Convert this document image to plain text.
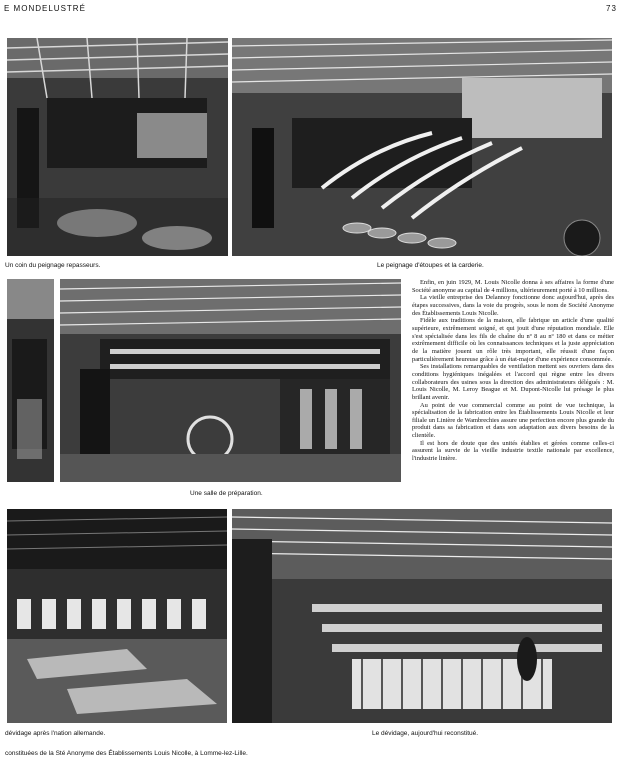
E MONDELUSTRÉ	73
Un coin du peignage repasseurs.	Le peignage d'étoupes et la carderie.
Une salle de préparation.

Enfin, en juin 1929, M. Louis Nicolle donna à ses affaires la forme d'une Société anonyme au capital de 4 millions, ultérieurement porté à 10 millions.

La vieille entreprise des Delannoy fonctionne donc aujourd'hui, après des étapes successives, dans la voie du progrès, sous le nom de Société Anonyme des Établissements Louis Nicolle.

Fidèle aux traditions de la maison, elle fabrique un article d'une qualité supérieure, extrêmement soigné, et qui jouit d'une réputation mondiale. Elle s'est spécialisée dans les fils de chaîne du nº 8 au nº 180 et dans ce métier extrêmement difficile où les connaissances techniques et la juste appréciation de la matière jouent un rôle très important, elle réussit d'une façon particulièrement heureuse grâce à un état-major d'une expérience consommée.

Ses installations remarquables de ventilation mettent ses ouvriers dans des conditions hygiéniques inégalées et l'accord qui règne entre les divers collaborateurs des usines sous la direction des administrateurs délégués : M. Louis Nicolle, M. Leroy Beague et M. Dupont-Nicolle lui présage le plus brillant avenir.

Au point de vue commercial comme au point de vue technique, la spécialisation de la fabrication entre les Établissements Louis Nicolle et leur filiale un Linière de Wambrechies assure une perfection encore plus grande du produit dans sa fabrication et dans son adaptation aux divers besoins de la clientèle.

Il est hors de doute que des unités établies et gérées comme celles-ci assurent la survie de la vieille industrie textile nationale par excellence, l'industrie linière.

dévidage après l'nation allemande.	Le dévidage, aujourd'hui reconstitué.
constituées de la Sté Anonyme des Établissements Louis Nicolle, à Lomme-lez-Lille.
